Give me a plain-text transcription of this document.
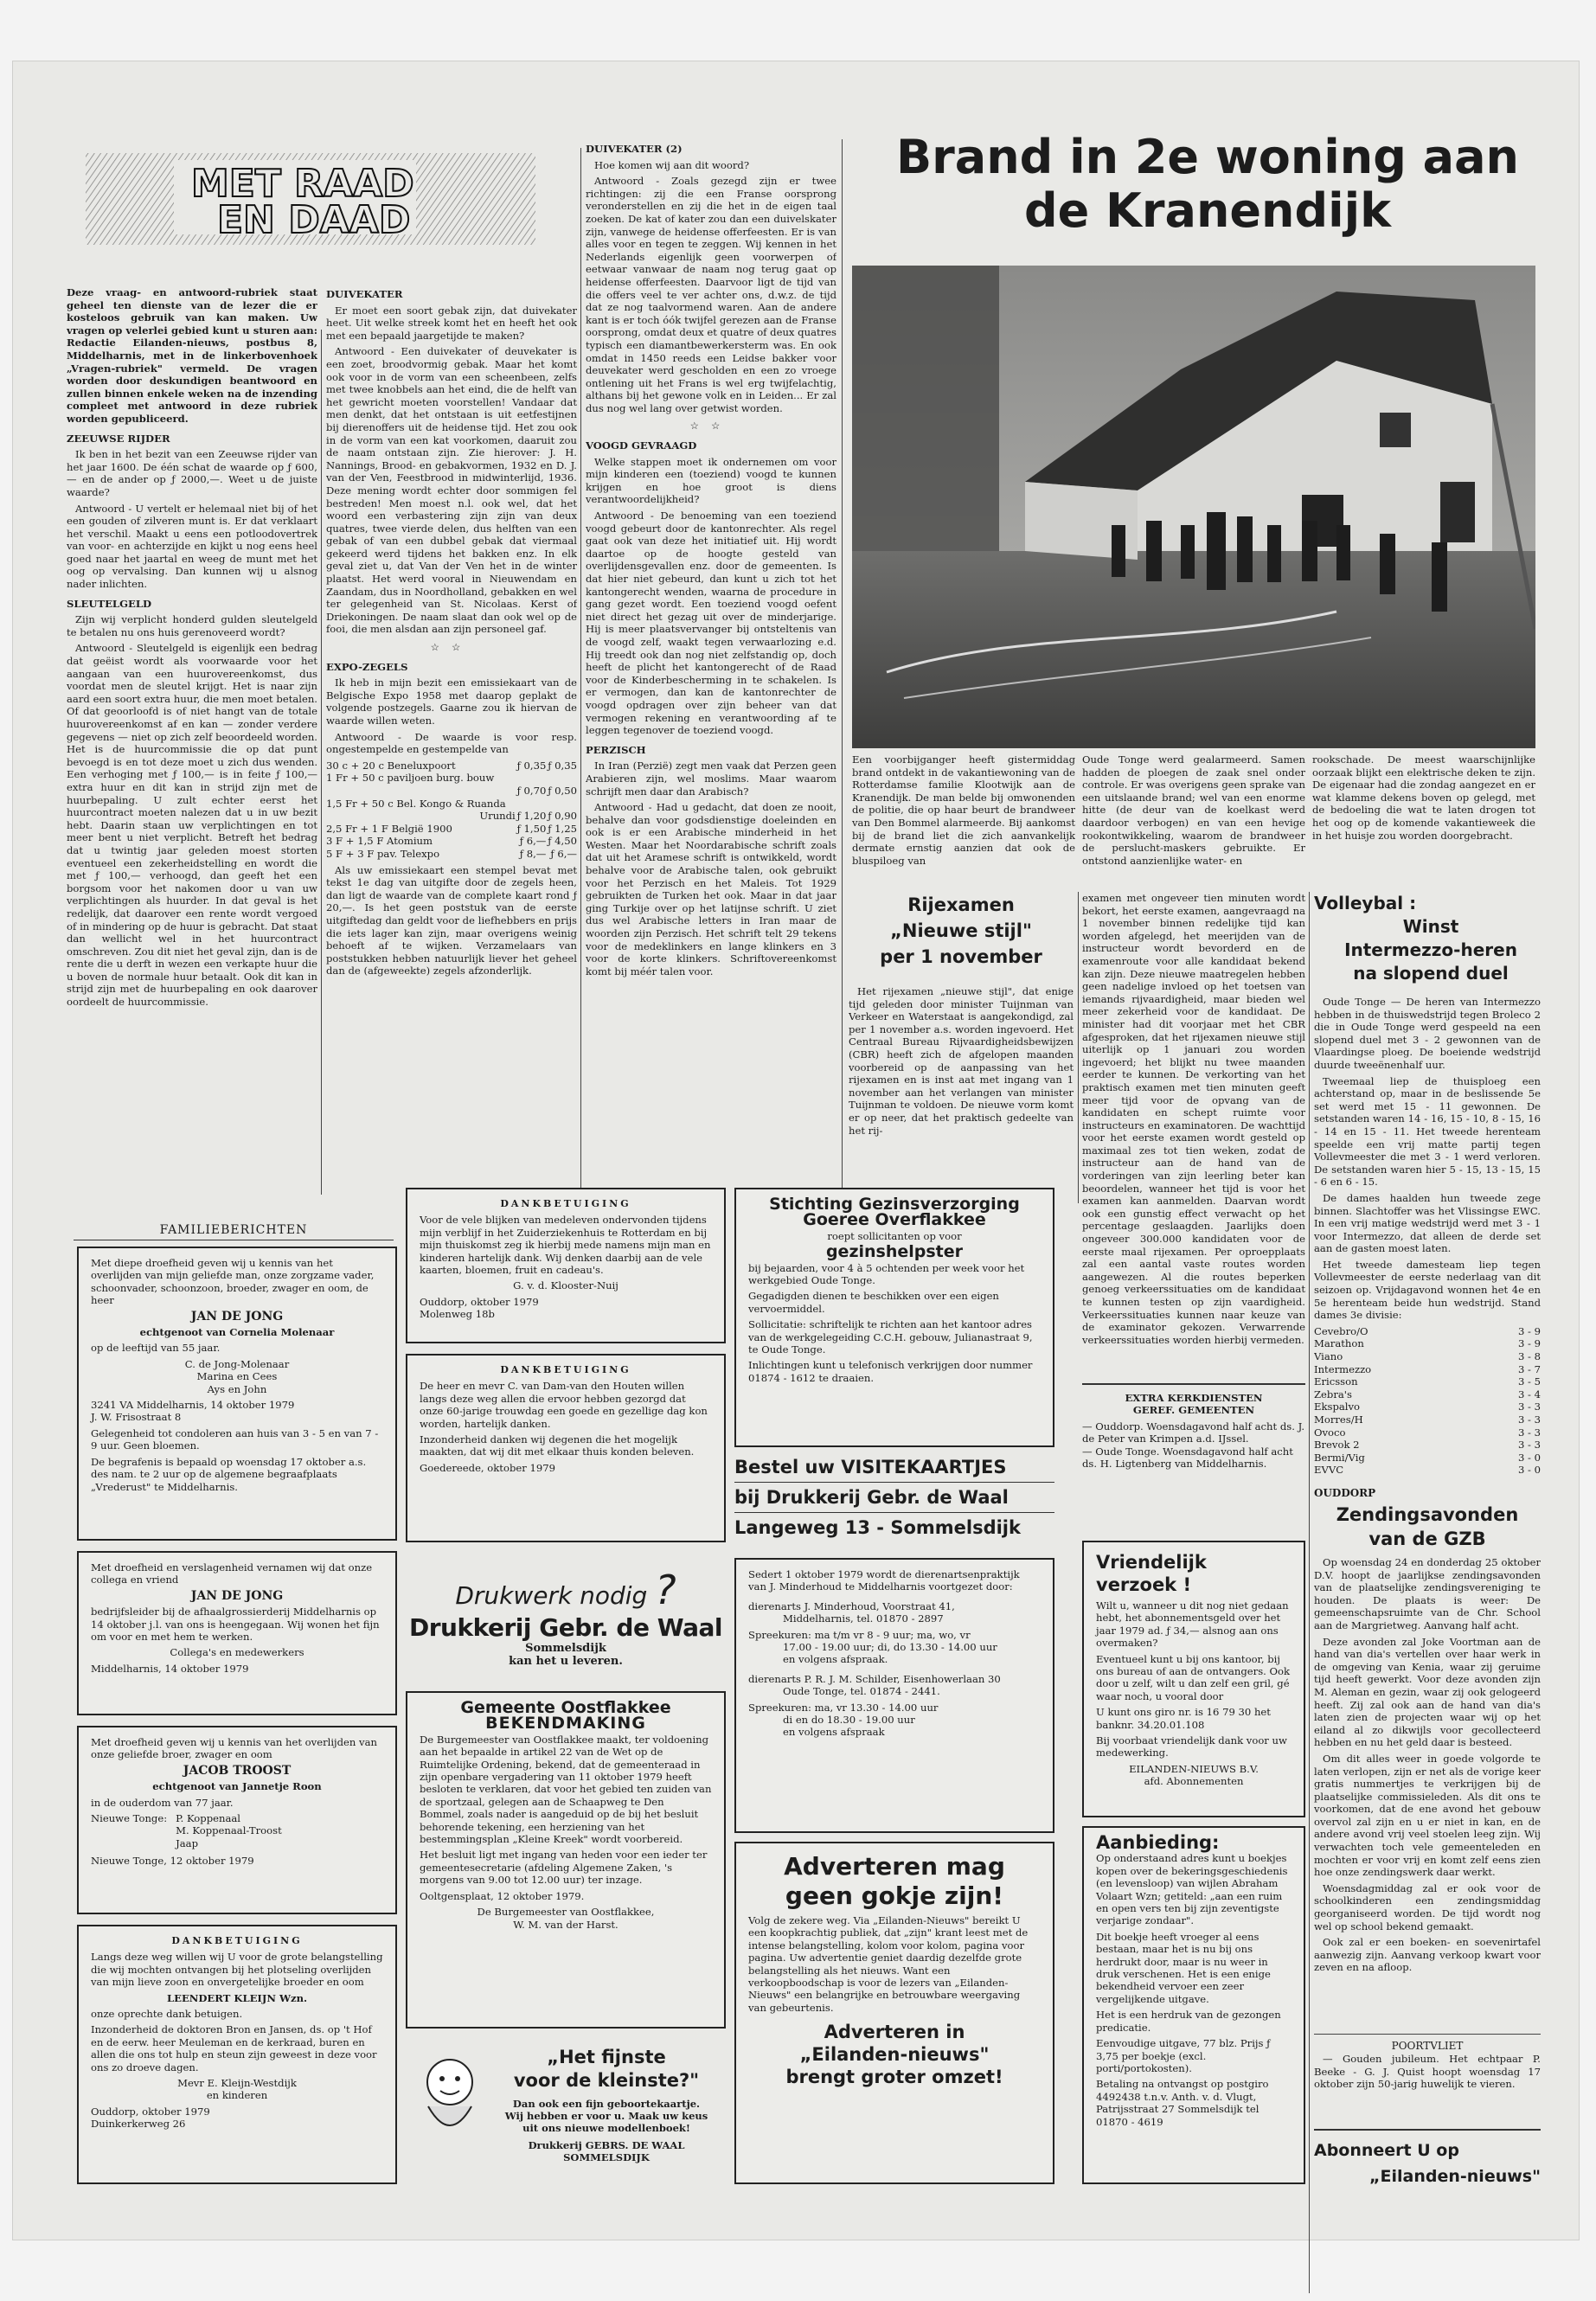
MET RAAD
EN DAAD

Deze vraag- en antwoord-rubriek staat geheel ten dienste van de lezer die er kosteloos gebruik van kan maken. Uw vragen op velerlei gebied kunt u sturen aan: Redactie Eilanden-nieuws, postbus 8, Middelharnis, met in de linkerbovenhoek „Vragen-rubriek" vermeld. De vragen worden door deskundigen beantwoord en zullen binnen enkele weken na de inzending compleet met antwoord in deze rubriek worden gepubliceerd.

ZEEUWSE RIJDER

Ik ben in het bezit van een Zeeuwse rijder van het jaar 1600. De één schat de waarde op ƒ 600,— en de ander op ƒ 2000,—. Weet u de juiste waarde?

Antwoord - U vertelt er helemaal niet bij of het een gouden of zilveren munt is. Er dat verklaart het verschil. Maakt u eens een potloodovertrek van voor- en achterzijde en kijkt u nog eens heel goed naar het jaartal en weeg de munt met het oog op vervalsing. Dan kunnen wij u alsnog nader inlichten.

SLEUTELGELD

Zijn wij verplicht honderd gulden sleutelgeld te betalen nu ons huis gerenoveerd wordt?

Antwoord - Sleutelgeld is eigenlijk een bedrag dat geëist wordt als voorwaarde voor het aangaan van een huurovereenkomst, dus voordat men de sleutel krijgt. Het is naar zijn aard een soort extra huur, die men moet betalen. Of dat geoorloofd is of niet hangt van de totale huurovereenkomst af en kan — zonder verdere gegevens — niet op zich zelf beoordeeld worden. Het is de huurcommissie die op dat punt bevoegd is en tot deze moet u zich dus wenden. Een verhoging met ƒ 100,— is in feite ƒ 100,— extra huur en dit kan in strijd zijn met de huurbepaling. U zult echter eerst het huurcontract moeten nalezen dat u in uw bezit hebt. Daarin staan uw verplichtingen en tot meer bent u niet verplicht. Betreft het bedrag dat u twintig jaar geleden moest storten eventueel een zekerheidstelling en wordt die met ƒ 100,— verhoogd, dan geeft het een borgsom voor het nakomen door u van uw verplichtingen als huurder. In dat geval is het redelijk, dat daarover een rente wordt vergoed of in mindering op de huur is gebracht. Dat staat dan wellicht wel in het huurcontract omschreven. Zou dit niet het geval zijn, dan is de rente die u derft in wezen een verkapte huur die u boven de normale huur betaalt. Ook dit kan in strijd zijn met de huurbepaling en ook daarover oordeelt de huurcommissie.

DUIVEKATER

Er moet een soort gebak zijn, dat duivekater heet. Uit welke streek komt het en heeft het ook met een bepaald jaargetijde te maken?

Antwoord - Een duivekater of deuvekater is een zoet, broodvormig gebak. Maar het komt ook voor in de vorm van een scheenbeen, zelfs met twee knobbels aan het eind, die de helft van het gewricht moeten voorstellen! Vandaar dat men denkt, dat het ontstaan is uit eetfestijnen bij dierenoffers uit de heidense tijd. Het zou ook in de vorm van een kat voorkomen, daaruit zou de naam ontstaan zijn. Zie hierover: J. H. Nannings, Brood- en gebakvormen, 1932 en D. J. van der Ven, Feestbrood in midwinterlijd, 1936. Deze mening wordt echter door sommigen fel bestreden! Men moest n.l. ook wel, dat het woord een verbastering zijn zijn van deux quatres, twee vierde delen, dus helften van een gebak of van een dubbel gebak dat viermaal gekeerd werd tijdens het bakken enz. In elk geval ziet u, dat Van der Ven het in de winter plaatst. Het werd vooral in Nieuwendam en Zaandam, dus in Noordholland, gebakken en wel ter gelegenheid van St. Nicolaas. Kerst of Driekoningen. De naam slaat dan ook wel op de fooi, die men alsdan aan zijn personeel gaf.

☆☆

EXPO-ZEGELS

Ik heb in mijn bezit een emissiekaart van de Belgische Expo 1958 met daarop geplakt de volgende postzegels. Gaarne zou ik hiervan de waarde willen weten.

Antwoord - De waarde is voor resp. ongestempelde en gestempelde van

30 c + 20 c Beneluxpoort	ƒ 0,35	ƒ 0,35
1 Fr + 50 c paviljoen burg. bouw		
	ƒ 0,70	ƒ 0,50
1,5 Fr + 50 c Bel. Kongo & Ruanda		
Urundi	ƒ 1,20	ƒ 0,90
2,5 Fr + 1 F België 1900	ƒ 1,50	ƒ 1,25
3 F + 1,5 F Atomium	ƒ 6,—	ƒ 4,50
5 F + 3 F pav. Telexpo	ƒ 8,—	ƒ 6,—

Als uw emissiekaart een stempel bevat met tekst 1e dag van uitgifte door de zegels heen, dan ligt de waarde van de complete kaart rond ƒ 20,—. Is het geen poststuk van de eerste uitgiftedag dan geldt voor de liefhebbers en prijs die iets lager kan zijn, maar overigens weinig behoeft af te wijken. Verzamelaars van poststukken hebben natuurlijk liever het geheel dan de (afgeweekte) zegels afzonderlijk.

DUIVEKATER (2)

Hoe komen wij aan dit woord?

Antwoord - Zoals gezegd zijn er twee richtingen: zij die een Franse oorsprong veronderstellen en zij die het in de eigen taal zoeken. De kat of kater zou dan een duivelskater zijn, vanwege de heidense offerfeesten. Er is van alles voor en tegen te zeggen. Wij kennen in het Nederlands eigenlijk geen voorwerpen of eetwaar vanwaar de naam nog terug gaat op heidense offerfeesten. Daarvoor ligt de tijd van die offers veel te ver achter ons, d.w.z. de tijd dat ze nog taalvormend waren. Aan de andere kant is er toch óók twijfel gerezen aan de Franse oorsprong, omdat deux et quatre of deux quatres typisch een diamantbewerkersterm was. En ook omdat in 1450 reeds een Leidse bakker voor deuvekater werd gescholden en een zo vroege ontlening uit het Frans is wel erg twijfelachtig, althans bij het gewone volk en in Leiden... Er zal dus nog wel lang over getwist worden.

☆☆

VOOGD GEVRAAGD

Welke stappen moet ik ondernemen om voor mijn kinderen een (toeziend) voogd te kunnen krijgen en hoe groot is diens verantwoordelijkheid?

Antwoord - De benoeming van een toeziend voogd gebeurt door de kantonrechter. Als regel gaat ook van deze het initiatief uit. Hij wordt daartoe op de hoogte gesteld van overlijdensgevallen enz. door de gemeenten. Is dat hier niet gebeurd, dan kunt u zich tot het kantongerecht wenden, waarna de procedure in gang gezet wordt. Een toeziend voogd oefent niet direct het gezag uit over de minderjarige. Hij is meer plaatsvervanger bij ontsteltenis van de voogd zelf, waakt tegen verwaarlozing e.d. Hij treedt ook dan nog niet zelfstandig op, doch heeft de plicht het kantongerecht of de Raad voor de Kinderbescherming in te schakelen. Is er vermogen, dan kan de kantonrechter de voogd opdragen over zijn beheer van dat vermogen rekening en verantwoording af te leggen tegenover de toeziend voogd.

PERZISCH

In Iran (Perzië) zegt men vaak dat Perzen geen Arabieren zijn, wel moslims. Maar waarom schrijft men daar dan Arabisch?

Antwoord - Had u gedacht, dat doen ze nooit, behalve dan voor godsdienstige doeleinden en ook is er een Arabische minderheid in het Westen. Maar het Noordarabische schrift zoals dat uit het Aramese schrift is ontwikkeld, wordt behalve voor de Arabische talen, ook gebruikt voor het Perzisch en het Maleis. Tot 1929 gebruikten de Turken het ook. Maar in dat jaar ging Turkije over op het latijnse schrift. U ziet dus wel Arabische letters in Iran maar de woorden zijn Perzisch. Het schrift telt 29 tekens voor de medeklinkers en lange klinkers en 3 voor de korte klinkers. Schriftovereenkomst komt bij méér talen voor.

Brand in 2e woning aan
de Kranendijk

Een voorbijganger heeft gistermiddag brand ontdekt in de vakantiewoning van de Rotterdamse familie Klootwijk aan de Kranendijk. De man belde bij omwonenden de politie, die op haar beurt de brandweer van Den Bommel alarmeerde. Bij aankomst bij de brand liet die zich aanvankelijk dermate ernstig aanzien dat ook de bluspiloeg van

Oude Tonge werd gealarmeerd. Samen hadden de ploegen de zaak snel onder controle. Er was overigens geen sprake van een uitslaande brand; wel van een enorme hitte (de deur van de koelkast werd daardoor verbogen) en van een hevige rookontwikkeling, waarom de brandweer de perslucht-maskers gebruikte. Er ontstond aanzienlijke water- en

rookschade. De meest waarschijnlijke oorzaak blijkt een elektrische deken te zijn. De eigenaar had die zondag aangezet en er wat klamme dekens boven op gelegd, met de bedoeling die wat te laten drogen tot het oog op de komende vakantieweek die in het huisje zou worden doorgebracht.

Rijexamen
„Nieuwe stijl"
per 1 november

Het rijexamen „nieuwe stijl", dat enige tijd geleden door minister Tuijnman van Verkeer en Waterstaat is aangekondigd, zal per 1 november a.s. worden ingevoerd. Het Centraal Bureau Rijvaardigheidsbewijzen (CBR) heeft zich de afgelopen maanden voorbereid op de aanpassing van het rijexamen en is inst aat met ingang van 1 november aan het verlangen van minister Tuijnman te voldoen. De nieuwe vorm komt er op neer, dat het praktisch gedeelte van het rij-

examen met ongeveer tien minuten wordt bekort, het eerste examen, aangevraagd na 1 november binnen redelijke tijd kan worden afgelegd, het meerijden van de instructeur wordt bevorderd en de examenroute voor alle kandidaat bekend kan zijn. Deze nieuwe maatregelen hebben geen nadelige invloed op het toetsen van iemands rijvaardigheid, maar bieden wel meer zekerheid voor de kandidaat. De minister had dit voorjaar met het CBR afgesproken, dat het rijexamen nieuwe stijl uiterlijk op 1 januari zou worden ingevoerd; het blijkt nu twee maanden eerder te kunnen. De verkorting van het praktisch examen met tien minuten geeft meer tijd voor de opvang van de kandidaten en schept ruimte voor instructeurs en examinatoren. De wachttijd voor het eerste examen wordt gesteld op maximaal zes tot tien weken, zodat de instructeur aan de hand van de vorderingen van zijn leerling beter kan beoordelen, wanneer het tijd is voor het examen kan aanmelden. Daarvan wordt ook een gunstig effect verwacht op het percentage geslaagden. Jaarlijks doen ongeveer 300.000 kandidaten voor de eerste maal rijexamen. Per oproepplaats zal een aantal vaste routes worden aangewezen. Al die routes beperken genoeg verkeerssituaties om de kandidaat te kunnen testen op zijn vaardigheid. Verkeerssituaties kunnen naar keuze van de examinator gekozen. Verwarrende verkeerssituaties worden hierbij vermeden.

Volleybal :
Winst
Intermezzo-heren
na slopend duel

Oude Tonge — De heren van Intermezzo hebben in de thuiswedstrijd tegen Broleco 2 die in Oude Tonge werd gespeeld na een slopend duel met 3 - 2 gewonnen van de Vlaardingse ploeg. De boeiende wedstrijd duurde tweeënenhalf uur.

Tweemaal liep de thuisploeg een achterstand op, maar in de beslissende 5e set werd met 15 - 11 gewonnen. De setstanden waren 14 - 16, 15 - 10, 8 - 15, 16 - 14 en 15 - 11. Het tweede herenteam speelde een vrij matte partij tegen Vollevmeester die met 3 - 1 werd verloren. De setstanden waren hier 5 - 15, 13 - 15, 15 - 6 en 6 - 15.

De dames haalden hun tweede zege binnen. Slachtoffer was het Vlissingse EWC. In een vrij matige wedstrijd werd met 3 - 1 voor Intermezzo, dat alleen de derde set aan de gasten moest laten.

Het tweede damesteam liep tegen Vollevmeester de eerste nederlaag van dit seizoen op. Vrijdagavond wonnen het 4e en 5e herenteam beide hun wedstrijd. Stand dames 3e divisie:

Cevebro/O	3 - 9
Marathon	3 - 9
Viano	3 - 8
Intermezzo	3 - 7
Ericsson	3 - 5
Zebra's	3 - 4
Ekspalvo	3 - 3
Morres/H	3 - 3
Ovoco	3 - 3
Brevok 2	3 - 3
Bermi/Vig	3 - 0
EVVC	3 - 0

OUDDORP
Zendingsavonden
van de GZB

Op woensdag 24 en donderdag 25 oktober D.V. hoopt de jaarlijkse zendingsavonden van de plaatselijke zendingsvereniging te houden. De plaats is weer: De gemeenschapsruimte van de Chr. School aan de Margrietweg. Aanvang half acht.

Deze avonden zal Joke Voortman aan de hand van dia's vertellen over haar werk in de omgeving van Kenia, waar zij geruime tijd heeft gewerkt. Voor deze avonden zijn M. Aleman en gezin, waar zij ook gelogeerd heeft. Zij zal ook aan de hand van dia's laten zien de projecten waar wij op het eiland al zo dikwijls voor gecollecteerd hebben en nu het geld daar is besteed.

Om dit alles weer in goede volgorde te laten verlopen, zijn er net als de vorige keer gratis nummertjes te verkrijgen bij de plaatselijke commissieleden. Als dit ons te voorkomen, dat de ene avond het gebouw overvol zal zijn en u er niet in kan, en de andere avond vrij veel stoelen leeg zijn. Wij verwachten toch vele gemeenteleden en mochten er voor vrij en komt zelf eens zien hoe onze zendingswerk daar werkt.

Woensdagmiddag zal er ook voor de schoolkinderen een zendingsmiddag georganiseerd worden. De tijd wordt nog wel op school bekend gemaakt.

Ook zal er een boeken- en soevenirtafel aanwezig zijn. Aanvang verkoop kwart voor zeven en na afloop.

POORTVLIET

— Gouden jubileum. Het echtpaar P. Beeke - G. J. Quist hoopt woensdag 17 oktober zijn 50-jarig huwelijk te vieren.

Abonneert U op
„Eilanden-nieuws"
FAMILIEBERICHTEN

Met diepe droefheid geven wij u kennis van het overlijden van mijn geliefde man, onze zorgzame vader, schoonvader, schoonzoon, broeder, zwager en oom, de heer

JAN DE JONG

echtgenoot van Cornelia Molenaar

op de leeftijd van 55 jaar.

C. de Jong-Molenaar

Marina en Cees

Ays en John

3241 VA Middelharnis, 14 oktober 1979

J. W. Frisostraat 8

Gelegenheid tot condoleren aan huis van 3 - 5 en van 7 - 9 uur. Geen bloemen.

De begrafenis is bepaald op woensdag 17 oktober a.s. des nam. te 2 uur op de algemene begraafplaats „Vrederust" te Middelharnis.

Met droefheid en verslagenheid vernamen wij dat onze collega en vriend

JAN DE JONG

bedrijfsleider bij de afhaalgrossierderij Middelharnis op 14 oktober j.l. van ons is heengegaan. Wij wonen het fijn om voor en met hem te werken.

Collega's en medewerkers

Middelharnis, 14 oktober 1979

Met droefheid geven wij u kennis van het overlijden van onze geliefde broer, zwager en oom

JACOB TROOST

echtgenoot van Jannetje Roon

in de ouderdom van 77 jaar.

Nieuwe Tonge: P. Koppenaal
M. Koppenaal-Troost
Jaap

Nieuwe Tonge, 12 oktober 1979

DANKBETUIGING

Langs deze weg willen wij U voor de grote belangstelling die wij mochten ontvangen bij het plotseling overlijden van mijn lieve zoon en onvergetelijke broeder en oom

LEENDERT KLEIJN Wzn.

onze oprechte dank betuigen.

Inzonderheid de doktoren Bron en Jansen, ds. op 't Hof en de eerw. heer Meuleman en de kerkraad, buren en allen die ons tot hulp en steun zijn geweest in deze voor ons zo droeve dagen.

Mevr E. Kleijn-Westdijk

en kinderen

Ouddorp, oktober 1979

Duinkerkerweg 26

DANKBETUIGING

Voor de vele blijken van medeleven ondervonden tijdens mijn verblijf in het Zuiderziekenhuis te Rotterdam en bij mijn thuiskomst zeg ik hierbij mede namens mijn man en kinderen hartelijk dank. Wij denken daarbij aan de vele kaarten, bloemen, fruit en cadeau's.

G. v. d. Klooster-Nuij

Ouddorp, oktober 1979

Molenweg 18b

DANKBETUIGING

De heer en mevr C. van Dam-van den Houten willen langs deze weg allen die ervoor hebben gezorgd dat onze 60-jarige trouwdag een goede en gezellige dag kon worden, hartelijk danken.

Inzonderheid danken wij degenen die het mogelijk maakten, dat wij dit met elkaar thuis konden beleven.

Goedereede, oktober 1979

Drukwerk nodig ?
Drukkerij Gebr. de Waal
Sommelsdijk
kan het u leveren.

Gemeente Oostflakkee

BEKENDMAKING

De Burgemeester van Oostflakkee maakt, ter voldoening aan het bepaalde in artikel 22 van de Wet op de Ruimtelijke Ordening, bekend, dat de gemeenteraad in zijn openbare vergadering van 11 oktober 1979 heeft besloten te verklaren, dat voor het gebied ten zuiden van de sportzaal, gelegen aan de Schaapweg te Den Bommel, zoals nader is aangeduid op de bij het besluit behorende tekening, een herziening van het bestemmingsplan „Kleine Kreek" wordt voorbereid.

Het besluit ligt met ingang van heden voor een ieder ter gemeentesecretarie (afdeling Algemene Zaken, 's morgens van 9.00 tot 12.00 uur) ter inzage.

Ooltgensplaat, 12 oktober 1979.

De Burgemeester van Oostflakkee,

W. M. van der Harst.

„Het fijnste
voor de kleinste?"
Dan ook een fijn geboortekaartje.
Wij hebben er voor u. Maak uw keus
uit ons nieuwe modellenboek!
Drukkerij GEBRS. DE WAAL
SOMMELSDIJK

Stichting Gezinsverzorging

Goeree Overflakkee

roept sollicitanten op voor

gezinshelpster

bij bejaarden, voor 4 à 5 ochtenden per week voor het werkgebied Oude Tonge.

Gegadigden dienen te beschikken over een eigen vervoermiddel.

Sollicitatie: schriftelijk te richten aan het kantoor adres van de werkgelegeiding C.C.H. gebouw, Julianastraat 9, te Oude Tonge.

Inlichtingen kunt u telefonisch verkrijgen door nummer 01874 - 1612 te draaien.

Bestel uw VISITEKAARTJES
bij Drukkerij Gebr. de Waal
Langeweg 13 - Sommelsdijk

Sedert 1 oktober 1979 wordt de dierenartsenpraktijk van J. Minderhoud te Middelharnis voortgezet door:

dierenarts J. Minderhoud, Voorstraat 41,

Middelharnis, tel. 01870 - 2897

Spreekuren: ma t/m vr 8 - 9 uur; ma, wo, vr

17.00 - 19.00 uur; di, do 13.30 - 14.00 uur

en volgens afspraak.

dierenarts P. R. J. M. Schilder, Eisenhowerlaan 30

Oude Tonge, tel. 01874 - 2441.

Spreekuren: ma, vr 13.30 - 14.00 uur

di en do 18.30 - 19.00 uur

en volgens afspraak

Adverteren mag

geen gokje zijn!

Volg de zekere weg. Via „Eilanden-Nieuws" bereikt U een koopkrachtig publiek, dat „zijn" krant leest met de intense belangstelling, kolom voor kolom, pagina voor pagina. Uw advertentie geniet daardig dezelfde grote belangstelling als het nieuws. Want een verkoopboodschap is voor de lezers van „Eilanden-Nieuws" een belangrijke en betrouwbare weergaving van gebeurtenis.

Adverteren in

„Eilanden-nieuws"

brengt groter omzet!

EXTRA KERKDIENSTEN
GEREF. GEMEENTEN
— Ouddorp. Woensdagavond half acht ds. J. de Peter van Krimpen a.d. IJssel.
— Oude Tonge. Woensdagavond half acht ds. H. Ligtenberg van Middelharnis.

Vriendelijk

verzoek !

Wilt u, wanneer u dit nog niet gedaan hebt, het abonnementsgeld over het jaar 1979 ad. ƒ 34,— alsnog aan ons overmaken?

Eventueel kunt u bij ons kantoor, bij ons bureau of aan de ontvangers. Ook door u zelf, wilt u dan zelf een gril, gé waar noch, u vooral door

U kunt ons giro nr. is 16 79 30 het banknr. 34.20.01.108

Bij voorbaat vriendelijk dank voor uw medewerking.

EILANDEN-NIEUWS B.V.

afd. Abonnementen

Aanbieding:

Op onderstaand adres kunt u boekjes kopen over de bekeringsgeschiedenis (en levensloop) van wijlen Abraham Volaart Wzn; getiteld: „aan een ruim en open vers ten bij zijn zeventigste verjarige zondaar".

Dit boekje heeft vroeger al eens bestaan, maar het is nu bij ons herdrukt door, maar is nu weer in druk verschenen. Het is een enige bekendheid vervoer een zeer vergelijkende uitgave.

Het is een herdruk van de gezongen predicatie.

Eenvoudige uitgave, 77 blz. Prijs ƒ 3,75 per boekje (excl. porti/portokosten).

Betaling na ontvangst op postgiro 4492438 t.n.v. Anth. v. d. Vlugt, Patrijsstraat 27 Sommelsdijk tel 01870 - 4619
